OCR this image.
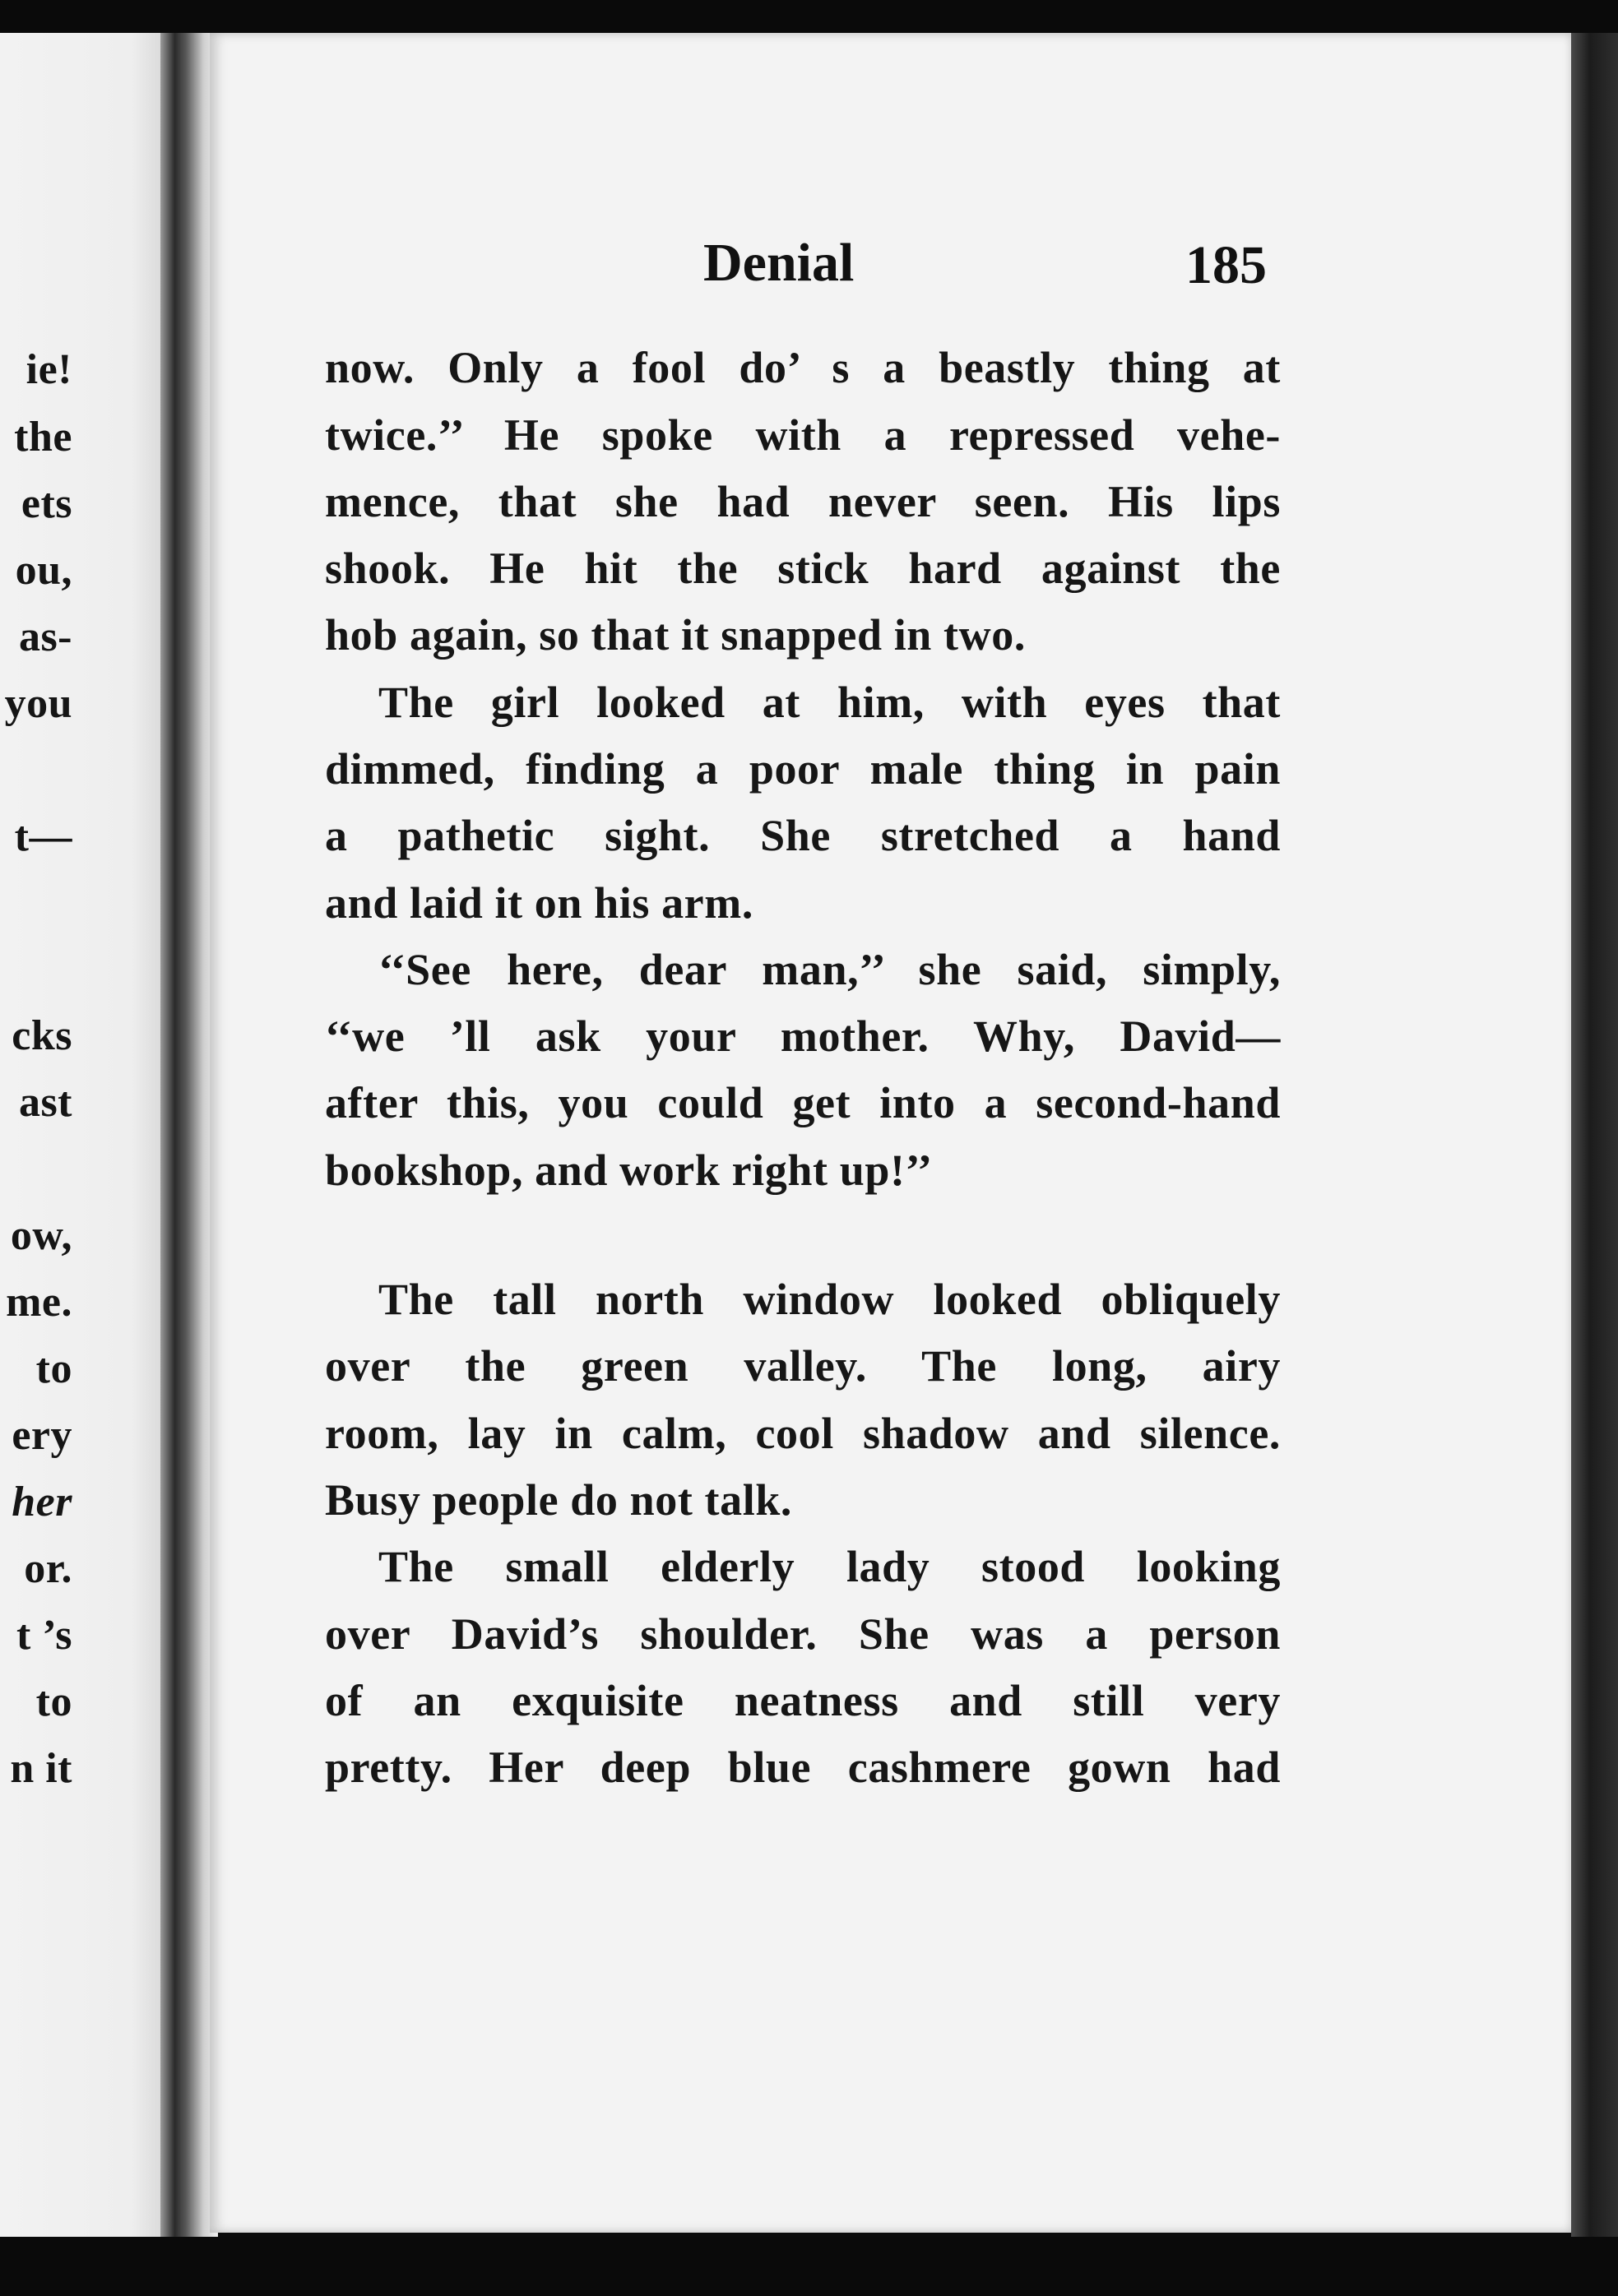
ie!
the
ets
ou,
as-
you
t—
cks
ast
ow,
me.
to
ery
her
or.
t ’s
to
n it
Denial	185
now. Only a fool do’ s a beastly thing at
twice.’’ He spoke with a repressed vehe-
mence, that she had never seen. His lips
shook. He hit the stick hard against the
hob again, so that it snapped in two.
The girl looked at him, with eyes that
dimmed, finding a poor male thing in pain
a pathetic sight. She stretched a hand
and laid it on his arm.
‘‘See here, dear man,’’ she said, simply,
‘‘we ’ll ask your mother. Why, David—
after this, you could get into a second-hand
bookshop, and work right up!’’
The tall north window looked obliquely
over the green valley. The long, airy
room, lay in calm, cool shadow and silence.
Busy people do not talk.
The small elderly lady stood looking
over David’s shoulder. She was a person
of an exquisite neatness and still very
pretty. Her deep blue cashmere gown had
